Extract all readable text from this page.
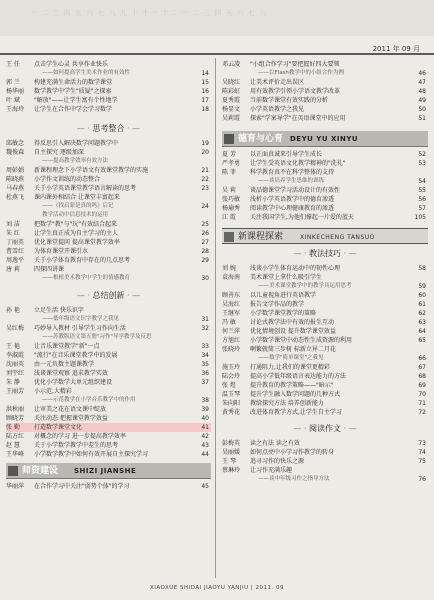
一 二 三 四 五 六 七 八 九 十 十一 十二 一 二 三 四 五 六 七 八
2011 年 09 月
王 任	点击学生心灵 共享作业快乐
——如何提高学生美术作业的有效性	14
郭 兰	构建充满生命活力的数学课堂	15
杨华丽	数学教学中学生"质疑"之探索	16
叶 斌	"解放"——让学生富有个性地学	17
王海玲	让学生在合作中学会学习数学	18
— · 思考整合 · —
邱敏念	得反思引入解决数学问题教学中	19
魏俊森	自主探究 逐级加深	20
——提高教学效率有效方法
周彭娟	新课程理念下小学语文有效课堂教学的实施	21
陈晓燕	小学作文训练的动态整合	22
马春燕	关于小学英语课堂教学语言解读的思考	23
杜燕飞	课内课外相结合 让课堂丰富起来
——《找启蒙是真的吗》后记	24
教学活动中信息技术的运用
刘 洁	把数学"教"与"玩"有效结合起来	25
朱 红	让学生真正成为自主学习的主人	26
丁丽英	优化课堂提问 提高课堂教学效率	27
曹雪红	为体育课堂开课引水	28
周逸平	关于小学体育教育中存在的几点思考	29
唐 莉	四探四讲课
——根植美术教学中学生的情感教育	30
— · 总结创新 · —
孙 艳	立足生活 快乐识字
——低年级语文识字教学之我见	31
吴红梅	巧妙导入教材 引导学生习作向生活	32
——苏教版语文第五册"习作"导学教学及反思
王 艳	让音乐课堂教学"新"一点	33
李淑霞	"流行"在音乐课堂教学中的发展	34
沈丽英	由一元负数主题课教学	35
刘宇红	浅谈课堂观察 追求教学实效	36
朱 静	优化小学数学大单元组织建设	37
王丽芳	小示范,大精彩
——示范教学在小学音乐教学中的作用	38
洪秋丽	让审美之花在语文课中绽放	39
顾晓芳	关注动态 把握课堂教学效益	40
张 勤	打造数学课堂文化	41
陆方红	对概念的学习 进一步提高教学效率	42
赵 慧	关于小学数学教学中差生的思考	43
王华峰	小学数学教学中如何有效开展自主探究学习	44
师资建设 SHIZI JIANSHE
华丽萍	在合作学习中关注"弱势个体"的学习	45
邓云凌	"小组合作学习"要把握好四大要领
——以Flash教学中的小组合作为例	46
吴晓红	让美术评价走出误区	47
陈彩虹	用有效教学引领小学语文教学改革	48
夏秀霞	当前数学课堂有效实践的分析	49
杨显文	小学英语教学之我见	50
吴莉霞	探索"学案导学"在英语课堂中的应用	51
德育与心育 DEYU YU XINYU
夏 芳	以正面真诚来引导学生成长	52
严孝勇	让学生受英语文化教学精神的"洗礼"	53
陈 菲	科学教育真不在科学整体的支持
——谈培养学生思维的训练	54
吴 莉	谈品德课堂学习活动设计的有效性	55
张巧敏	浅析小学英语教学中的德育渗透	56
杨瑜秀	阅读教学中心理健康教育的渗透	57
江 霞	关注我国学生,为他们撑起一片爱的蓝天	105
新课程探索	XINKECHENG TANSUO
— · 教法技巧 · —
刘 婉	浅谈小学生体育运动中的韧性心理	58
袁海南	美术课堂上拿什么吸引学生
——美术课堂教学中的教学具运用思考	59
顾善东	以儿童视角进行英语教学	60
吴海红	报告文学作品的教学	61
王继军	小学数学课堂教学的策略	62
冯 敏	讨论式教学法中有效的报生互动	63
何兰萍	优化情境创设 提升数学课堂效益	64
方旭红	小学数学课堂中动态性生成资源的利用	65
张晓玲	啊繁就简三步树 标新立异二月花
——数学"简单课堂"之我见	66
施玉玲	打通阻力,让我们的课堂更精彩	67
陆会玲	提高小学低年级语言表达能力的方法	68
张 煜	提升教育的教学策略——"暗示"	69
温玉琴	提升学生融入数学问题的几种方式	70
朱向阳	教给探究方法 培养创新能力	71
黄秀花	改进体育教学方式,让学生自主学习	72
— · 阅读作文 · —
彭梅英	读之有法 读之有效	73
吴丽媛	如何点亮中小学习作教学的转身	74
王 琴	追寻习作的快乐之源	75
蔡琳玲	让习作充满乐趣
——谈中年级习作之指导方法	76
XIAOXUE SHIDAI JIAOYU YANJIU | 2011. 09
